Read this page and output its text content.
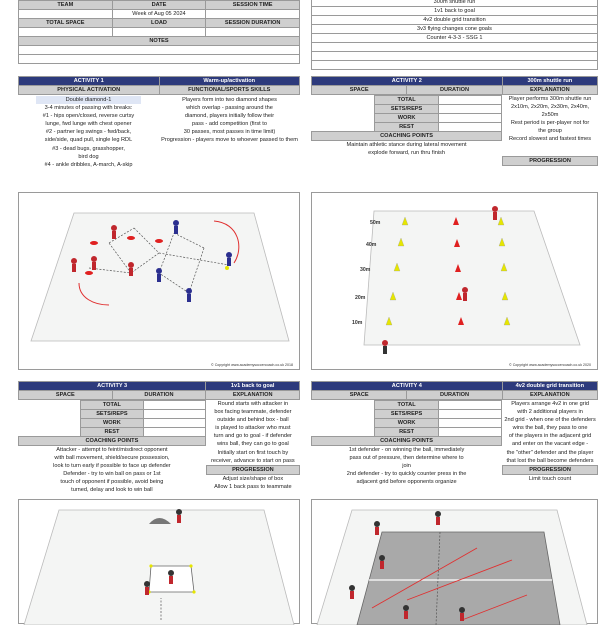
TEAM	DATE	SESSION TIME
	Week of Aug 05 2024	
TOTAL SPACE	LOAD	SESSION DURATION

NOTES		

300m shuttle run
1v1 back to goal
4v2 double grid transition
3v3 flying changes cone goals
Counter 4-3-3 - SSG 1

ACTIVITY 1	Warm-up/activation
PHYSICAL ACTIVATION	FUNCTIONAL/SPORTS SKILLS
Double diamond-1
3-4 minutes of passing with breaks:
#1 - hips open/closed, reverse curtsy
lunge, fwd lunge with chest opener
#2 - partner leg swings - fwd/back,
side/side, quad pull, single leg RDL
#3 - dead bugs, grasshopper,
bird dog
#4 - ankle dribbles, A-march, A-skip
Players form into two diamond shapes
which overlap - passing around the
diamond, players initially follow their
pass - add competition (first to
30 passes, most passes in time limit)
Progression - players move to whoever passed to them
© Copyright www.academysoccercoach.co.uk 2018
ACTIVITY 2		300m shuttle run
SPACE	DURATION	EXPLANATION
	TOTAL	
	SETS/REPS	
	WORK	
	REST	
COACHING POINTS		
Maintain athletic stance during lateral movement
explode forward, run thru finish
Player performs 300m shuttle run
2x10m, 2x20m, 2x30m, 2x40m, 2x50m
Rest period is per-player not for
the group
Record slowest and fastest times

PROGRESSION
50m
40m
30m
20m
10m
© Copyright www.academysoccercoach.co.uk 2020
ACTIVITY 3		1v1 back to goal
SPACE	DURATION	EXPLANATION
	TOTAL	
	SETS/REPS	
	WORK	
	REST	
COACHING POINTS		
Attacker - attempt to feint/misdirect opponent
with ball movement, shield/secure possession,
look to turn early if possible to face up defender
Defender - try to win ball on pass or 1st
touch of opponent if possible, avoid being
turned, delay and look to win ball
Round starts with attacker in
box facing teammate, defender
outside and behind box - ball
is played to attacker who must
turn and go to goal - if defender
wins ball, they can go to goal
Initially start on first touch by
receiver, advance to start on pass
PROGRESSION
Adjust size/shape of box
Allow 1 back pass to teammate
ACTIVITY 4		4v2 double grid transition
SPACE	DURATION	EXPLANATION
	TOTAL	
	SETS/REPS	
	WORK	
	REST	
COACHING POINTS		
1st defender - on winning the ball, immediately
pass out of pressure, then determine where to
join
2nd defender - try to quickly counter press in the
adjacent grid before opponents organize
Players arrange 4v2 in one grid
with 2 additional players in
2nd grid - when one of the defenders
wins the ball, they pass to one
of the players in the adjacent grid
and enter on the vacant edge -
the "other" defender and the player
that lost the ball become defenders
PROGRESSION
Limit touch count
